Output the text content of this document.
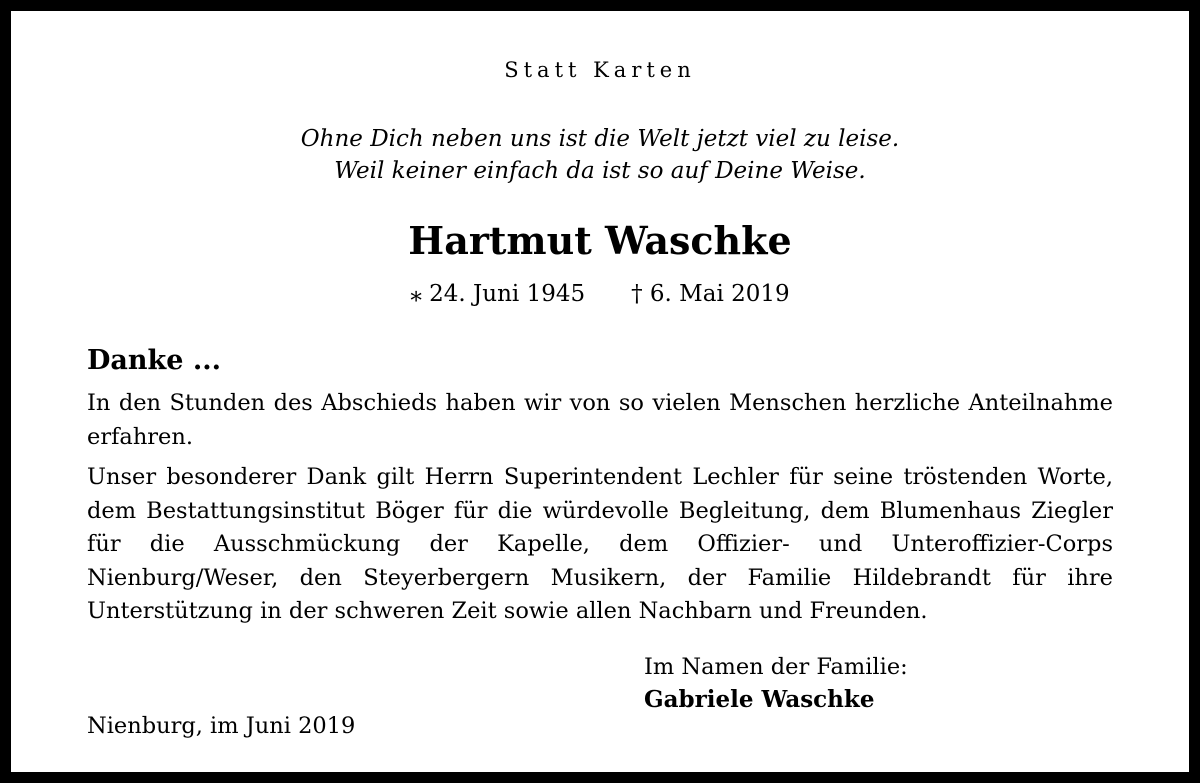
Statt Karten
Ohne Dich neben uns ist die Welt jetzt viel zu leise.
Weil keiner einfach da ist so auf Deine Weise.
Hartmut Waschke
⁎ 24. Juni 1945 † 6. Mai 2019
Danke ...
In den Stunden des Abschieds haben wir von so vielen Menschen herzliche Anteilnahme erfahren.
Unser besonderer Dank gilt Herrn Superintendent Lechler für seine tröstenden Worte, dem Bestattungsinstitut Böger für die würdevolle Begleitung, dem Blumenhaus Ziegler für die Ausschmückung der Kapelle, dem Offizier- und Unteroffizier-Corps Nienburg/Weser, den Steyerbergern Musikern, der Familie Hildebrandt für ihre Unterstützung in der schweren Zeit sowie allen Nachbarn und Freunden.
Im Namen der Familie:
Gabriele Waschke
Nienburg, im Juni 2019
